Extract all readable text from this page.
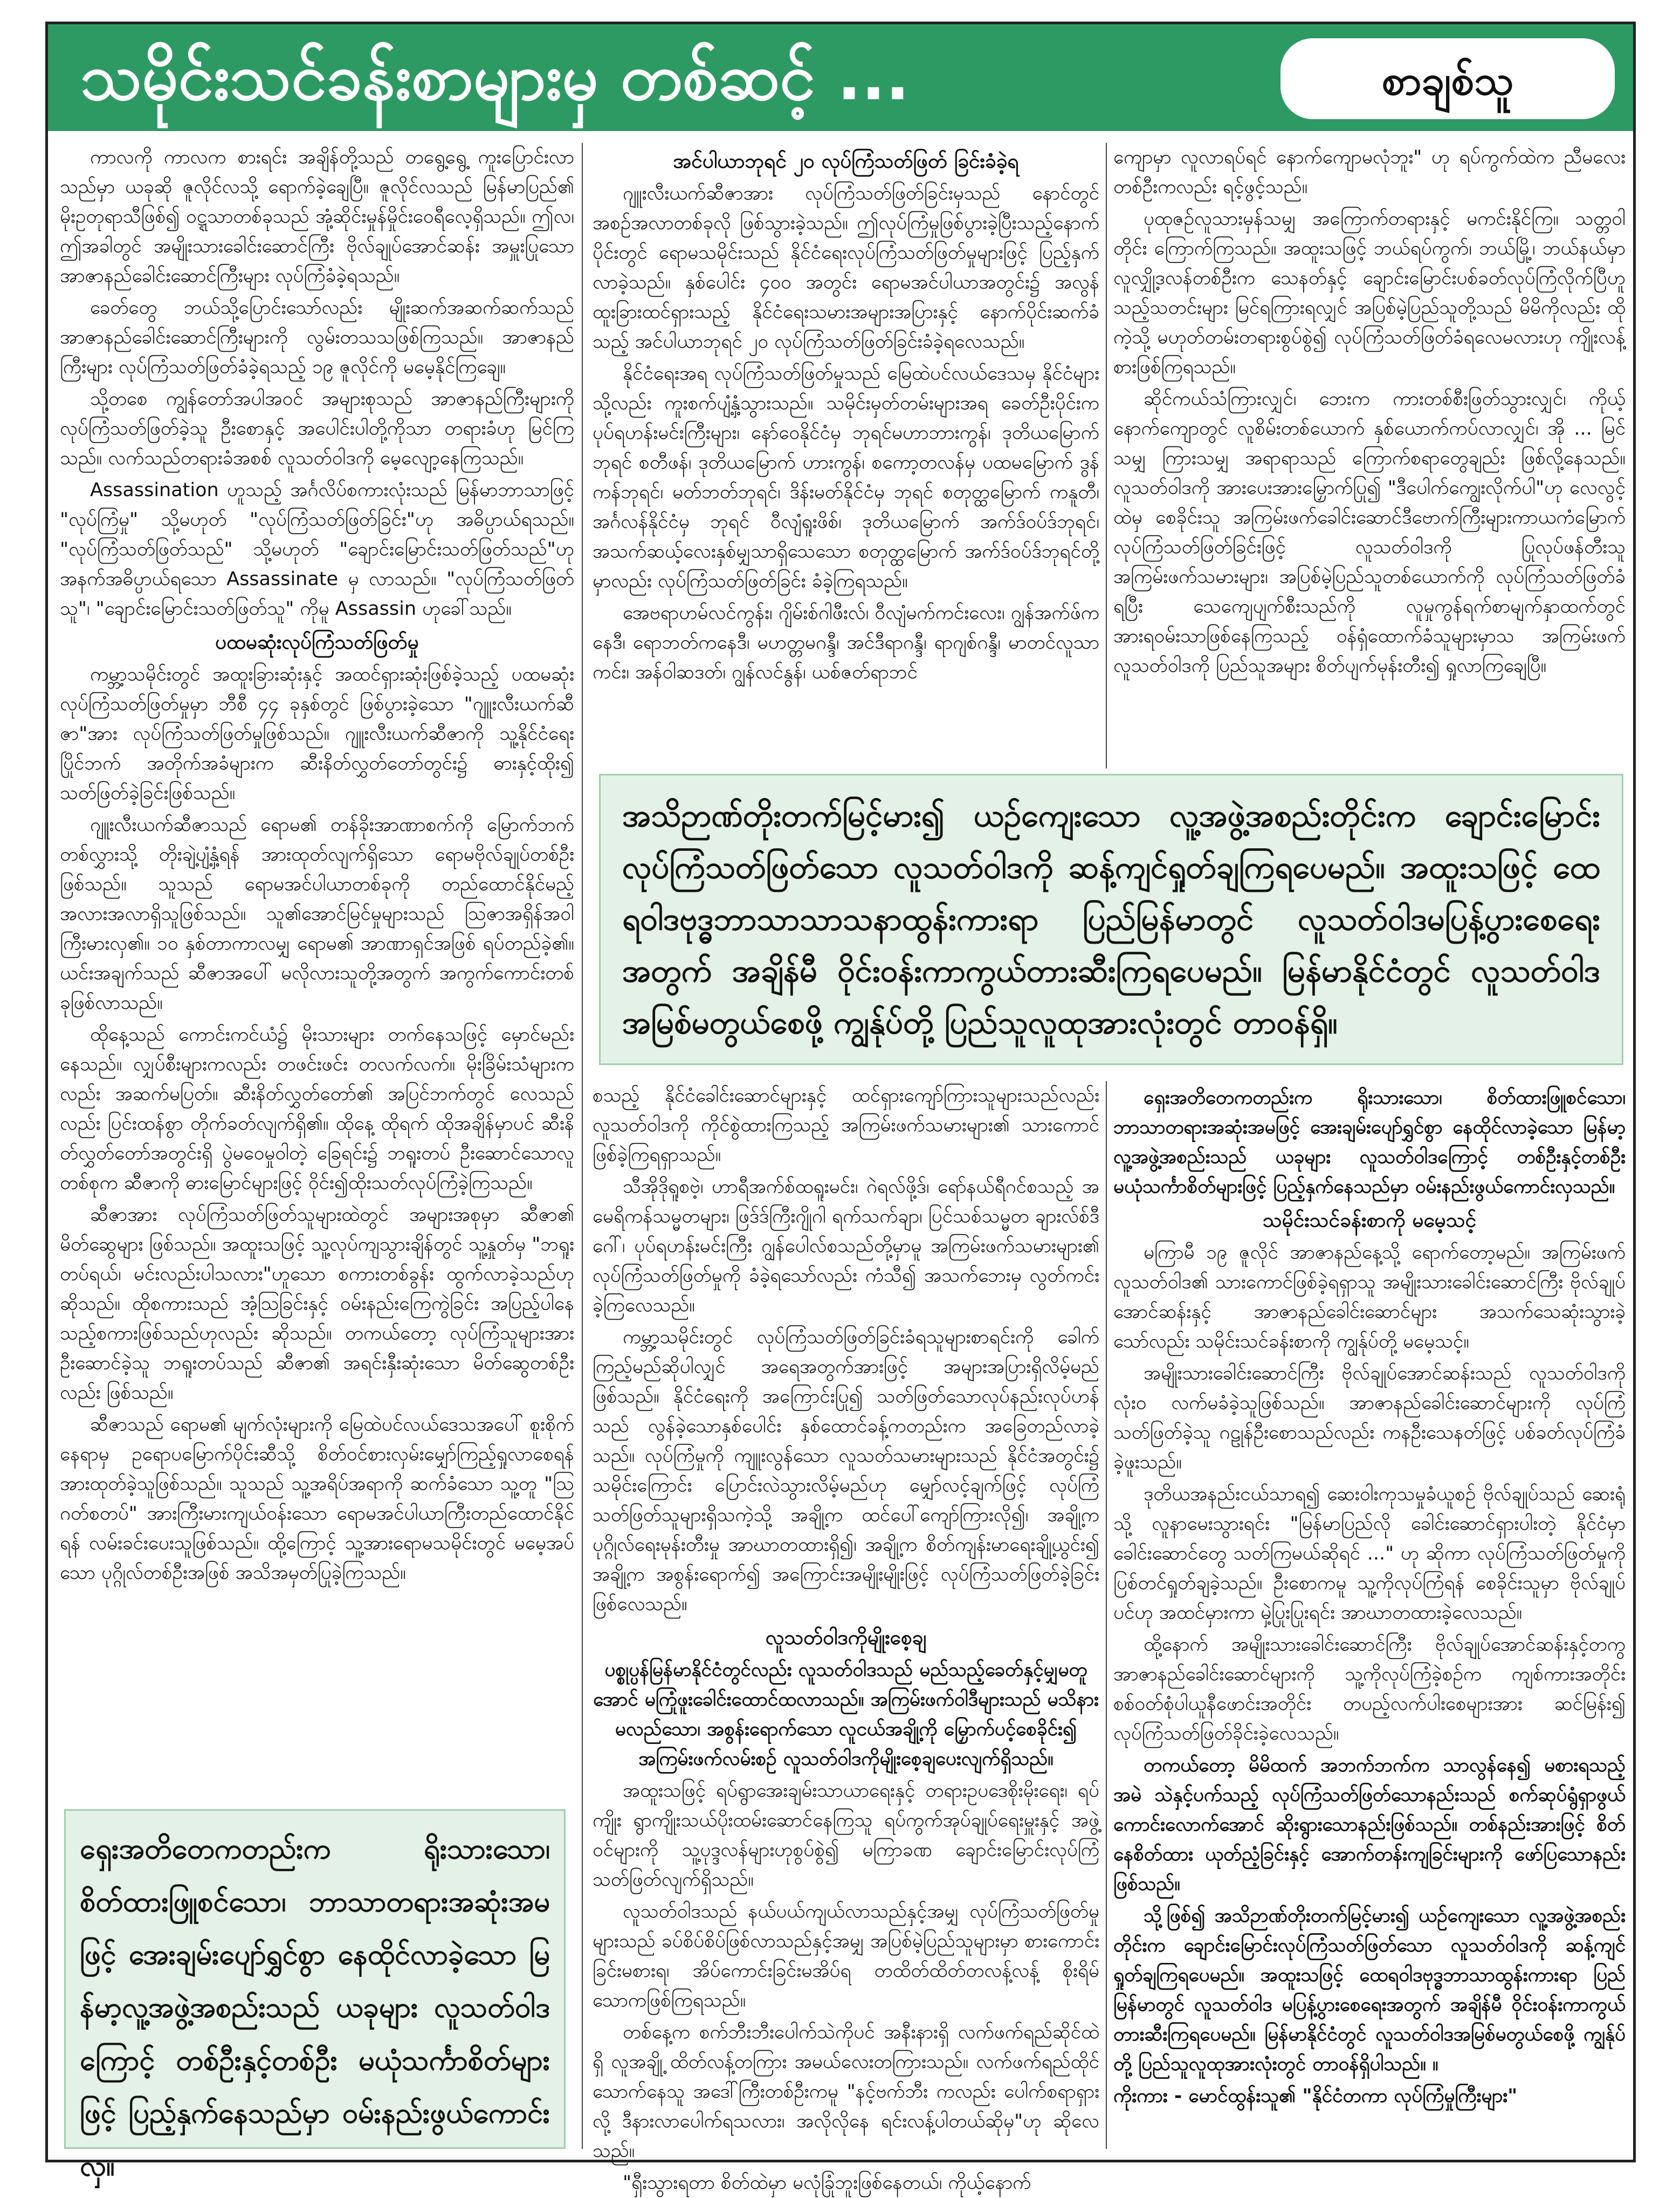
သမိုင်းသင်ခန်းစာများမှ တစ်ဆင့် ...	စာချစ်သူ

ကာလကို ကာလက စားရင်း အချိန်တို့သည် တရွေ့ရွေ့ ကူးပြောင်းလာသည်မှာ ယခုဆို ဇူလိုင်လသို့ ရောက်ခဲ့ချေပြီ။ ဇူလိုင်လသည် မြန်မာပြည်၏ မိုးဥတုရာသီဖြစ်၍ ဝဋ္ဋသာတစ်ခုသည် အုံ့ဆိုင်းမှုန်မှိုင်းဝေရီလေ့ရှိသည်။ ဤလ၊ ဤအခါတွင် အမျိုးသားခေါင်းဆောင်ကြီး ဗိုလ်ချုပ်အောင်ဆန်း အမှူးပြုသော အာဇာနည်ခေါင်းဆောင်ကြီးများ လုပ်ကြံခံခဲ့ရသည်။

ခေတ်တွေ ဘယ်သို့ပြောင်းသော်လည်း မျိုးဆက်အဆက်ဆက်သည် အာဇာနည်ခေါင်းဆောင်ကြီးများကို လွမ်းတသသဖြစ်ကြသည်။ အာဇာနည်ကြီးများ လုပ်ကြံသတ်ဖြတ်ခံခဲ့ရသည့် ၁၉ ဇူလိုင်ကို မမေ့နိုင်ကြချေ။

သို့တစေ ကျွန်တော်အပါအဝင် အများစုသည် အာဇာနည်ကြီးများကို လုပ်ကြံသတ်ဖြတ်ခဲ့သူ ဦးစောနှင့် အပေါင်းပါတို့ကိုသာ တရားခံဟု မြင်ကြသည်။ လက်သည်တရားခံအစစ် လူသတ်ဝါဒကို မေ့လျော့နေကြသည်။

Assassination ဟူသည့် အင်္ဂလိပ်စကားလုံးသည် မြန်မာဘာသာဖြင့် "လုပ်ကြံမှု" သို့မဟုတ် "လုပ်ကြံသတ်ဖြတ်ခြင်း"ဟု အဓိပ္ပာယ်ရသည်။ "လုပ်ကြံသတ်ဖြတ်သည်" သို့မဟုတ် "ချောင်းမြောင်းသတ်ဖြတ်သည်"ဟု အနက်အဓိပ္ပာယ်ရသော Assassinate မှ လာသည်။ "လုပ်ကြံသတ်ဖြတ်သူ"၊ "ချောင်းမြောင်းသတ်ဖြတ်သူ" ကိုမူ Assassin ဟုခေါ်သည်။

ပထမဆုံးလုပ်ကြံသတ်ဖြတ်မှု

ကမ္ဘာ့သမိုင်းတွင် အထူးခြားဆုံးနှင့် အထင်ရှားဆုံးဖြစ်ခဲ့သည့် ပထမဆုံးလုပ်ကြံသတ်ဖြတ်မှုမှာ ဘီစီ ၄၄ ခုနှစ်တွင် ဖြစ်ပွားခဲ့သော "ဂျူးလီးယက်ဆီဇာ"အား လုပ်ကြံသတ်ဖြတ်မှုဖြစ်သည်။ ဂျူးလီးယက်ဆီဇာကို သူ့နိုင်ငံရေးပြိုင်ဘက် အတိုက်အခံများက ဆီးနိတ်လွှတ်တော်တွင်း၌ ဓားနှင့်ထိုး၍ သတ်ဖြတ်ခဲ့ခြင်းဖြစ်သည်။

ဂျူးလီးယက်ဆီဇာသည် ရောမ၏ တန်ခိုးအာဏာစက်ကို မြောက်ဘက်တစ်လွှားသို့ တိုးချဲ့ပျံ့နှံ့ရန် အားထုတ်လျက်ရှိသော ရောမဗိုလ်ချုပ်တစ်ဦးဖြစ်သည်။ သူသည် ရောမအင်ပါယာတစ်ခုကို တည်ထောင်နိုင်မည့်အလားအလာရှိသူဖြစ်သည်။ သူ၏အောင်မြင်မှုများသည် ဩဇာအရှိန်အဝါ ကြီးမားလှ၏။ ၁၀ နှစ်တာကာလမျှ ရောမ၏ အာဏာရှင်အဖြစ် ရပ်တည်ခဲ့၏။ ယင်းအချက်သည် ဆီဇာအပေါ် မလိုလားသူတို့အတွက် အကွက်ကောင်းတစ်ခုဖြစ်လာသည်။

ထိုနေ့သည် ကောင်းကင်ယံ၌ မိုးသားများ တက်နေသဖြင့် မှောင်မည်းနေသည်။ လျှပ်စီးများကလည်း တဖင်းဖင်း တလက်လက်။ မိုးခြိမ်းသံများကလည်း အဆက်မပြတ်။ ဆီးနိတ်လွှတ်တော်၏ အပြင်ဘက်တွင် လေသည်လည်း ပြင်းထန်စွာ တိုက်ခတ်လျက်ရှိ၏။ ထိုနေ့ ထိုရက် ထိုအချိန်မှာပင် ဆီးနိတ်လွှတ်တော်အတွင်းရှိ ပွဲမဝေမှုဝါတဲ့ ခြေရင်း၌ ဘရူးတပ် ဦးဆောင်သောလူတစ်စုက ဆီဇာကို ဓားမြောင်များဖြင့် ဝိုင်း၍ထိုးသတ်လုပ်ကြံခဲ့ကြသည်။

ဆီဇာအား လုပ်ကြံသတ်ဖြတ်သူများထဲတွင် အများအစုမှာ ဆီဇာ၏ မိတ်ဆွေများ ဖြစ်သည်။ အထူးသဖြင့် သူ့လုပ်ကျသွားချိန်တွင် သူ့နှုတ်မှ "ဘရူးတပ်ရယ်၊ မင်းလည်းပါသလား"ဟူသော စကားတစ်ခွန်း ထွက်လာခဲ့သည်ဟု ဆိုသည်။ ထိုစကားသည် အံ့သြခြင်းနှင့် ဝမ်းနည်းကြေကွဲခြင်း အပြည့်ပါနေသည့်စကားဖြစ်သည်ဟုလည်း ဆိုသည်။ တကယ်တော့ လုပ်ကြံသူများအား ဦးဆောင်ခဲ့သူ ဘရူးတပ်သည် ဆီဇာ၏ အရင်းနှီးဆုံးသော မိတ်ဆွေတစ်ဦးလည်း ဖြစ်သည်။

ဆီဇာသည် ရောမ၏ မျက်လုံးများကို မြေထဲပင်လယ်ဒေသအပေါ် စူးစိုက်နေရာမှ ဥရောပမြောက်ပိုင်းဆီသို့ စိတ်ဝင်စားလှမ်းမျှော်ကြည့်ရှုလာစေရန် အားထုတ်ခဲ့သူဖြစ်သည်။ သူသည် သူ့အရိပ်အရာကို ဆက်ခံသော သူ့တူ "ဩဂတ်စတပ်" အားကြီးမားကျယ်ဝန်းသော ရောမအင်ပါယာကြီးတည်ထောင်နိုင်ရန် လမ်းခင်းပေးသူဖြစ်သည်။ ထို့ကြောင့် သူ့အားရောမသမိုင်းတွင် မမေ့အပ်သော ပုဂ္ဂိုလ်တစ်ဦးအဖြစ် အသိအမှတ်ပြုခဲ့ကြသည်။

အင်ပါယာဘုရင် ၂၀ လုပ်ကြံသတ်ဖြတ် ခြင်းခံခဲ့ရ

ဂျူးလီးယက်ဆီဇာအား လုပ်ကြံသတ်ဖြတ်ခြင်းမှသည် နောင်တွင် အစဉ်အလာတစ်ခုလို ဖြစ်သွားခဲ့သည်။ ဤလုပ်ကြံမှုဖြစ်ပွားခဲ့ပြီးသည့်နောက်ပိုင်းတွင် ရောမသမိုင်းသည် နိုင်ငံရေးလုပ်ကြံသတ်ဖြတ်မှုများဖြင့် ပြည့်နှက်လာခဲ့သည်။ နှစ်ပေါင်း ၄၀၀ အတွင်း ရောမအင်ပါယာအတွင်း၌ အလွန်ထူးခြားထင်ရှားသည့် နိုင်ငံရေးသမားအများအပြားနှင့် နောက်ပိုင်းဆက်ခံသည့် အင်ပါယာဘုရင် ၂၀ လုပ်ကြံသတ်ဖြတ်ခြင်းခံခဲ့ရလေသည်။

နိုင်ငံရေးအရ လုပ်ကြံသတ်ဖြတ်မှုသည် မြေထဲပင်လယ်ဒေသမှ နိုင်ငံများသို့လည်း ကူးစက်ပျံ့နှံ့သွားသည်။ သမိုင်းမှတ်တမ်းများအရ ခေတ်ဦးပိုင်းက ပုပ်ရဟန်းမင်းကြီးများ၊ နော်ဝေနိုင်ငံမှ ဘုရင်မဟာဘားကွန်၊ ဒုတိယမြောက်ဘုရင် စတီဖန်၊ ဒုတိယမြောက် ဟားကွန်၊ စကော့တလန်မှ ပထမမြောက် ဒွန်ကန်ဘုရင်၊ မတ်ဘတ်ဘုရင်၊ ဒိန်းမတ်နိုင်ငံမှ ဘုရင် စတုတ္ထမြောက် ကနူတီ၊ အင်္ဂလန်နိုင်ငံမှ ဘုရင် ဝီလျံရူးဖိစ်၊ ဒုတိယမြောက် အက်ဒ်ဝပ်ဒ်ဘုရင်၊ အသက်ဆယ့်လေးနှစ်မျှသာရှိသေသော စတုတ္ထမြောက် အက်ဒ်ဝပ်ဒ်ဘုရင်တို့မှာလည်း လုပ်ကြံသတ်ဖြတ်ခြင်း ခံခဲ့ကြရသည်။

အေဗရာဟမ်လင်ကွန်း၊ ဂျိမ်းစ်ဂါဖီးလ်၊ ဝီလျံမက်ကင်းလေး၊ ဂျွန်အက်ဖ်ကနေဒီ၊ ရောဘတ်ကနေဒီ၊ မဟတ္တမဂန္ဒီ၊ အင်ဒီရာဂန္ဒီ၊ ရာဂျစ်ဂန္ဒီ၊ မာတင်လူသာကင်း၊ အန်ဝါဆဒတ်၊ ဂျွန်လင်နွန်၊ ယစ်ဇတ်ရာဘင်

ကျောမှာ လူလာရပ်ရင် နောက်ကျောမလုံဘူး" ဟု ရပ်ကွက်ထဲက ညီမလေးတစ်ဦးကလည်း ရင့်ဖွင့်သည်။

ပုထုဇဉ်လူသားမှန်သမျှ အကြောက်တရားနှင့် မကင်းနိုင်ကြ။ သတ္တဝါတိုင်း ကြောက်ကြသည်။ အထူးသဖြင့် ဘယ်ရပ်ကွက်၊ ဘယ်မြို့၊ ဘယ်နယ်မှာ လူလျှို့ဒလန်တစ်ဦးက သေနတ်နှင့် ချောင်းမြောင်းပစ်ခတ်လုပ်ကြံလိုက်ပြီဟူသည့်သတင်းများ မြင်ရကြားရလျှင် အပြစ်မဲ့ပြည်သူတို့သည် မိမိကိုလည်း ထိုကဲ့သို့ မဟုတ်တမ်းတရားစွပ်စွဲ၍ လုပ်ကြံသတ်ဖြတ်ခံရလေမလားဟု ကျိုးလန့်စားဖြစ်ကြရသည်။

ဆိုင်ကယ်သံကြားလျှင်၊ ဘေးက ကားတစ်စီးဖြတ်သွားလျှင်၊ ကိုယ့်နောက်ကျောတွင် လူစိမ်းတစ်ယောက် နှစ်ယောက်ကပ်လာလျှင်၊ အို ... မြင်သမျှ ကြားသမျှ အရာရာသည် ကြောက်စရာတွေချည်း ဖြစ်လို့နေသည်။ လူသတ်ဝါဒကို အားပေးအားမြှောက်ပြု၍ "ဒီပေါက်ကျွေးလိုက်ပါ"ဟု လေလွင့်ထဲမှ စေခိုင်းသူ အကြမ်းဖက်ခေါင်းဆောင်ဒီဗောက်ကြီးများကာယကံမြောက် လုပ်ကြံသတ်ဖြတ်ခြင်းဖြင့် လူသတ်ဝါဒကို ပြုလုပ်ဖန်တီးသူ အကြမ်းဖက်သမားများ၊ အပြစ်မဲ့ပြည်သူတစ်ယောက်ကို လုပ်ကြံသတ်ဖြတ်ခံရပြီး သေကျေပျက်စီးသည်ကို လူမှုကွန်ရက်စာမျက်နှာထက်တွင် အားရဝမ်းသာဖြစ်နေကြသည့် ဝန်ရှံထောက်ခံသူများမှာသ အကြမ်းဖက်လူသတ်ဝါဒကို ပြည်သူအများ စိတ်ပျက်မုန်းတီး၍ ရှုလာကြချေပြီ။

အသိဉာဏ်တိုးတက်မြင့်မား၍ ယဉ်ကျေးသော လူ့အဖွဲ့အစည်းတိုင်းက ချောင်းမြောင်းလုပ်ကြံသတ်ဖြတ်သော လူသတ်ဝါဒကို ဆန့်ကျင်ရှုတ်ချကြရပေမည်။ အထူးသဖြင့် ထေရဝါဒဗုဒ္ဓဘာသာသာသနာထွန်းကားရာ ပြည်မြန်မာတွင် လူသတ်ဝါဒမပြန့်ပွားစေရေးအတွက် အချိန်မီ ဝိုင်းဝန်းကာကွယ်တားဆီးကြရပေမည်။ မြန်မာနိုင်ငံတွင် လူသတ်ဝါဒအမြစ်မတွယ်စေဖို့ ကျွန်ုပ်တို့ ပြည်သူလူထုအားလုံးတွင် တာဝန်ရှိ။

စသည့် နိုင်ငံခေါင်းဆောင်များနှင့် ထင်ရှားကျော်ကြားသူများသည်လည်း လူသတ်ဝါဒကို ကိုင်စွဲထားကြသည့် အကြမ်းဖက်သမားများ၏ သားကောင်ဖြစ်ခဲ့ကြရရှာသည်။

သီအိုဒိုရူစဗဲ့၊ ဟာရီအက်စ်ထရူးမင်း၊ ဂဲရလ်ဖို့ဒ်၊ ရော်နယ်ရီဂင်စသည့် အမေရိကန်သမ္မတများ၊ ဖြဒ်ဒ်ကြီးဂျိုဂါ ရက်သက်ချာ၊ ပြင်သစ်သမ္မတ ချားလ်စ်ဒီဂေါ်၊ ပုပ်ရဟန်းမင်းကြီး ဂျွန်ပေါလ်စသည်တို့မှာမူ အကြမ်းဖက်သမားများ၏ လုပ်ကြံသတ်ဖြတ်မှုကို ခံခဲ့ရသော်လည်း ကံသီ၍ အသက်ဘေးမှ လွတ်ကင်းခဲ့ကြလေသည်။

ကမ္ဘာ့သမိုင်းတွင် လုပ်ကြံသတ်ဖြတ်ခြင်းခံရသူများစာရင်းကို ခေါက်ကြည့်မည်ဆိုပါလျှင် အရေအတွက်အားဖြင့် အများအပြားရှိလိမ့်မည်ဖြစ်သည်။ နိုင်ငံရေးကို အကြောင်းပြု၍ သတ်ဖြတ်သောလုပ်နည်းလုပ်ဟန်သည် လွန်ခဲ့သောနှစ်ပေါင်း နှစ်ထောင်ခန့်ကတည်းက အခြေတည်လာခဲ့သည်။ လုပ်ကြံမှုကို ကျူးလွန်သော လူသတ်သမားများသည် နိုင်ငံအတွင်း၌ သမိုင်းကြောင်း ပြောင်းလဲသွားလိမ့်မည်ဟု မျှော်လင့်ချက်ဖြင့် လုပ်ကြံသတ်ဖြတ်သူများရှိသကဲ့သို့ အချို့က ထင်ပေါ်ကျော်ကြားလို၍၊ အချို့က ပုဂ္ဂိုလ်ရေးမုန်းတီးမှု အာဃာတထားရှိ၍၊ အချို့က စိတ်ကျန်းမာရေးချို့ယွင်း၍ အချို့က အစွန်းရောက်၍ အကြောင်းအမျိုးမျိုးဖြင့် လုပ်ကြံသတ်ဖြတ်ခဲ့ခြင်း ဖြစ်လေသည်။

လူသတ်ဝါဒကိုမျိုးစေ့ချ

ပစ္စုပ္ပန်မြန်မာနိုင်ငံတွင်လည်း လူသတ်ဝါဒသည် မည်သည့်ခေတ်နှင့်မျှမတူအောင် မကြုံဖူးခေါင်းထောင်ထလာသည်။ အကြမ်းဖက်ဝါဒီများသည် မသိနားမလည်သော၊ အစွန်းရောက်သော လူငယ်အချို့ကို မြှောက်ပင့်စေခိုင်း၍ အကြမ်းဖက်လမ်းစဉ် လူသတ်ဝါဒကိုမျိုးစေ့ချပေးလျက်ရှိသည်။

အထူးသဖြင့် ရပ်ရွာအေးချမ်းသာယာရေးနှင့် တရားဥပဒေစိုးမိုးရေး၊ ရပ်ကျိုး ရွာကျိုးသယ်ပိုးထမ်းဆောင်နေကြသူ ရပ်ကွက်အုပ်ချုပ်ရေးမှူးနှင့် အဖွဲ့ဝင်များကို သူ့ပုဒ္ဒလန်များဟုစွပ်စွဲ၍ မကြာခဏ ချောင်းမြောင်းလုပ်ကြံသတ်ဖြတ်လျက်ရှိသည်။

လူသတ်ဝါဒသည် နယ်ပယ်ကျယ်လာသည်နှင့်အမျှ လုပ်ကြံသတ်ဖြတ်မှုများသည် ခပ်စိပ်စိပ်ဖြစ်လာသည်နှင့်အမျှ အပြစ်မဲ့ပြည်သူများမှာ စားကောင်းခြင်းမစားရ၊ အိပ်ကောင်းခြင်းမအိပ်ရ တထိတ်ထိတ်တလန့်လန့် စိုးရိမ်သောကဖြစ်ကြရသည်။

တစ်နေ့က စက်ဘီးဘီးပေါက်သဲကိုပင် အနီးနားရှိ လက်ဖက်ရည်ဆိုင်ထဲရှိ လူအချို့ ထိတ်လန့်တကြား အမယ်လေးတကြားသည်။ လက်ဖက်ရည်ထိုင်သောက်နေသူ အဒေါ်ကြီးတစ်ဦးကမူ "နင့်ဗက်ဘီး ကလည်း ပေါက်စရာရှားလို့ ဒီနားလာပေါက်ရသလား၊ အလိုလိုနေ ရင်းလန့်ပါတယ်ဆိုမှ"ဟု ဆိုလေသည်။

"ရှီးသွားရတာ စိတ်ထဲမှာ မလုံခြုံဘူးဖြစ်နေတယ်၊ ကိုယ့်နောက်

ရှေးအတိတေကတည်းက ရိုးသားသော၊ စိတ်ထားဖြူစင်သော၊ ဘာသာတရားအဆုံးအမဖြင့် အေးချမ်းပျော်ရွှင်စွာ နေထိုင်လာခဲ့သော မြန်မာ့လူ့အဖွဲ့အစည်းသည် ယခုများ လူသတ်ဝါဒကြောင့် တစ်ဦးနှင့်တစ်ဦး မယုံသင်္ကာစိတ်များဖြင့် ပြည့်နှက်နေသည်မှာ ဝမ်းနည်းဖွယ်ကောင်းလှသည်။

သမိုင်းသင်ခန်းစာကို မမေ့သင့်

မကြာမီ ၁၉ ဇူလိုင် အာဇာနည်နေ့သို့ ရောက်တော့မည်။ အကြမ်းဖက် လူသတ်ဝါဒ၏ သားကောင်ဖြစ်ခဲ့ရရှာသူ အမျိုးသားခေါင်းဆောင်ကြီး ဗိုလ်ချုပ်အောင်ဆန်းနှင့် အာဇာနည်ခေါင်းဆောင်များ အသက်သေဆုံးသွားခဲ့သော်လည်း သမိုင်းသင်ခန်းစာကို ကျွန်ုပ်တို့ မမေ့သင့်။

အမျိုးသားခေါင်းဆောင်ကြီး ဗိုလ်ချုပ်အောင်ဆန်းသည် လူသတ်ဝါဒကို လုံးဝ လက်မခံခဲ့သူဖြစ်သည်။ အာဇာနည်ခေါင်းဆောင်များကို လုပ်ကြံသတ်ဖြတ်ခဲ့သူ ဂဠုန်ဦးစောသည်လည်း ကနဦးသေနတ်ဖြင့် ပစ်ခတ်လုပ်ကြံခံခဲ့ဖူးသည်။

ဒုတိယအနည်းငယ်သာရ၍ ဆေးဝါးကုသမှုခံယူစဉ် ဗိုလ်ချုပ်သည် ဆေးရုံသို့ လူနာမေးသွားရင်း "မြန်မာပြည်လို ခေါင်းဆောင်ရှားပါးတဲ့ နိုင်ငံမှာ ခေါင်းဆောင်တွေ သတ်ကြမယ်ဆိုရင် ..." ဟု ဆိုကာ လုပ်ကြံသတ်ဖြတ်မှုကို ပြစ်တင်ရှုတ်ချခဲ့သည်။ ဦးစောကမူ သူ့ကိုလုပ်ကြံရန် စေခိုင်းသူမှာ ဗိုလ်ချုပ်ပင်ဟု အထင်မှားကာ မှဲ့ပြုးပြုးရင်း အာဃာတထားခဲ့လေသည်။

ထို့နောက် အမျိုးသားခေါင်းဆောင်ကြီး ဗိုလ်ချုပ်အောင်ဆန်းနှင့်တကွ အာဇာနည်ခေါင်းဆောင်များကို သူ့ကိုလုပ်ကြံခဲ့စဉ်က ကျစ်ကားအတိုင်း စစ်ဝတ်စုံပါယူနီဖောင်းအတိုင်း တပည့်လက်ပါးစေများအား ဆင်မြန်း၍ လုပ်ကြံသတ်ဖြတ်ခိုင်းခဲ့လေသည်။

တကယ်တော့ မိမိထက် အဘက်ဘက်က သာလွန်နေ၍ မစားရသည့်အမဲ သဲနှင့်ပက်သည့် လုပ်ကြံသတ်ဖြတ်သောနည်းသည် စက်ဆုပ်ရွံရှာဖွယ်ကောင်းလောက်အောင် ဆိုးရွားသောနည်းဖြစ်သည်။ တစ်နည်းအားဖြင့် စိတ်နေစိတ်ထား ယုတ်ညံ့ခြင်းနှင့် အောက်တန်းကျခြင်းများကို ဖော်ပြသောနည်းဖြစ်သည်။

သို့ဖြစ်၍ အသိဉာဏ်တိုးတက်မြင့်မား၍ ယဉ်ကျေးသော လူ့အဖွဲ့အစည်းတိုင်းက ချောင်းမြောင်းလုပ်ကြံသတ်ဖြတ်သော လူသတ်ဝါဒကို ဆန့်ကျင်ရှုတ်ချကြရပေမည်။ အထူးသဖြင့် ထေရဝါဒဗုဒ္ဓဘာသာထွန်းကားရာ ပြည်မြန်မာတွင် လူသတ်ဝါဒ မပြန့်ပွားစေရေးအတွက် အချိန်မီ ဝိုင်းဝန်းကာကွယ်တားဆီးကြရပေမည်။ မြန်မာနိုင်ငံတွင် လူသတ်ဝါဒအမြစ်မတွယ်စေဖို့ ကျွန်ုပ်တို့ ပြည်သူလူထုအားလုံးတွင် တာဝန်ရှိပါသည်။ ။

ကိုးကား - မောင်ထွန်းသူ၏ "နိုင်ငံတကာ လုပ်ကြံမှုကြီးများ"

ရှေးအတိတေကတည်းက ရိုးသားသော၊ စိတ်ထားဖြူစင်သော၊ ဘာသာတရားအဆုံးအမဖြင့် အေးချမ်းပျော်ရွှင်စွာ နေထိုင်လာခဲ့သော မြန်မာ့လူ့အဖွဲ့အစည်းသည် ယခုများ လူသတ်ဝါဒကြောင့် တစ်ဦးနှင့်တစ်ဦး မယုံသင်္ကာစိတ်များဖြင့် ပြည့်နှက်နေသည်မှာ ဝမ်းနည်းဖွယ်ကောင်းလှ။
